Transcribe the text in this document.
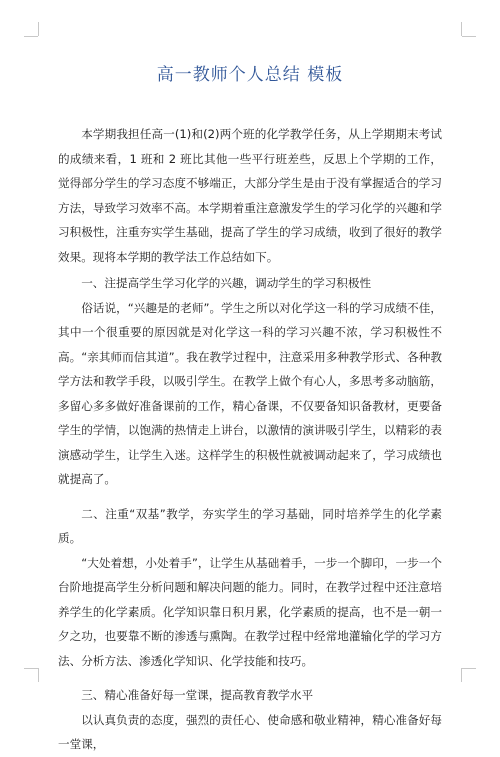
高一教师个人总结 模板

本学期我担任高一(1)和(2)两个班的化学教学任务，从上学期期末考试的成绩来看，1 班和 2 班比其他一些平行班差些，反思上个学期的工作，觉得部分学生的学习态度不够端正，大部分学生是由于没有掌握适合的学习方法，导致学习效率不高。本学期着重注意激发学生的学习化学的兴趣和学习积极性，注重夯实学生基础，提高了学生的学习成绩，收到了很好的教学效果。现将本学期的教学法工作总结如下。

一、注提高学生学习化学的兴趣，调动学生的学习积极性

俗话说，“兴趣是的老师”。学生之所以对化学这一科的学习成绩不佳，其中一个很重要的原因就是对化学这一科的学习兴趣不浓，学习积极性不高。“亲其师而信其道”。我在教学过程中，注意采用多种教学形式、各种教学方法和教学手段，以吸引学生。在教学上做个有心人，多思考多动脑筋，多留心多多做好准备课前的工作，精心备课，不仅要备知识备教材，更要备学生的学情，以饱满的热情走上讲台，以激情的演讲吸引学生，以精彩的表演感动学生，让学生入迷。这样学生的积极性就被调动起来了，学习成绩也就提高了。

二、注重“双基”教学，夯实学生的学习基础，同时培养学生的化学素质。

“大处着想，小处着手”，让学生从基础着手，一步一个脚印，一步一个台阶地提高学生分析问题和解决问题的能力。同时，在教学过程中还注意培养学生的化学素质。化学知识靠日积月累，化学素质的提高，也不是一朝一夕之功，也要靠不断的渗透与熏陶。在教学过程中经常地灌输化学的学习方法、分析方法、渗透化学知识、化学技能和技巧。

三、精心准备好每一堂课，提高教育教学水平

以认真负责的态度，强烈的责任心、使命感和敬业精神，精心准备好每一堂课，
